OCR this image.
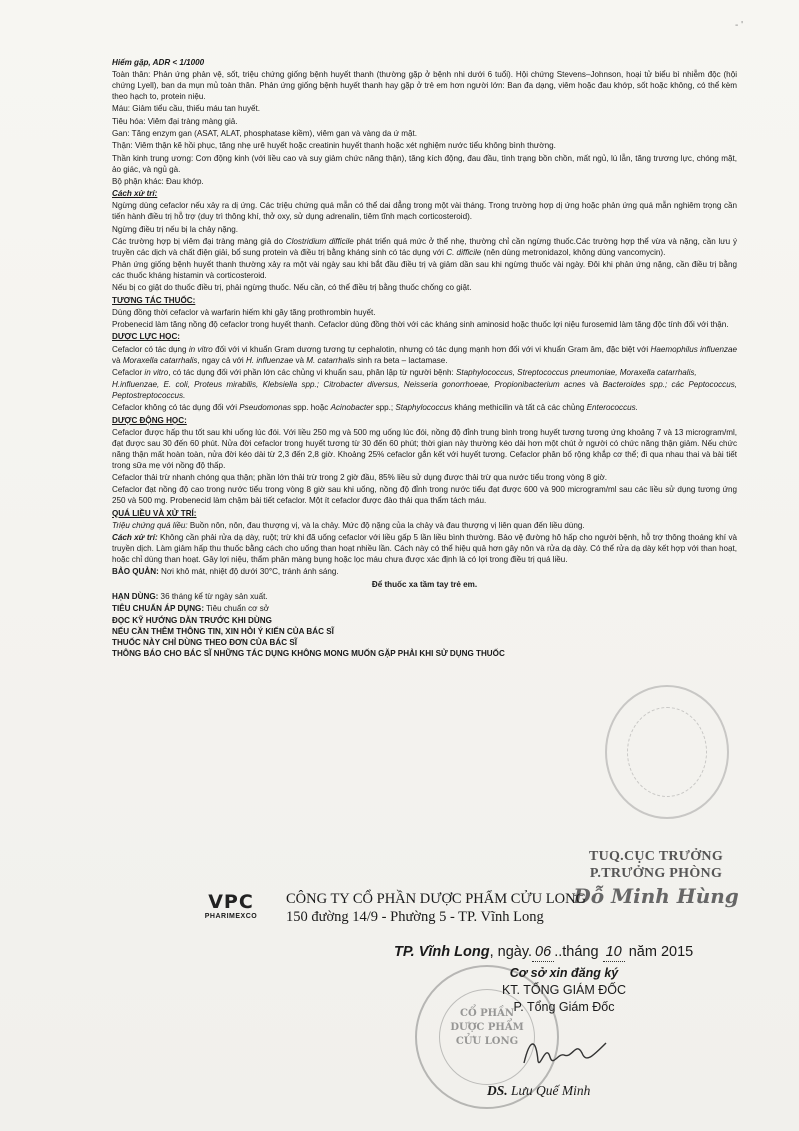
- '

Hiếm gặp, ADR < 1/1000

Toàn thân: Phản ứng phản vệ, sốt, triệu chứng giống bệnh huyết thanh (thường gặp ở bệnh nhi dưới 6 tuổi). Hội chứng Stevens–Johnson, hoại tử biểu bì nhiễm độc (hội chứng Lyell), ban da mụn mủ toàn thân. Phản ứng giống bệnh huyết thanh hay gặp ở trẻ em hơn người lớn: Ban đa dạng, viêm hoặc đau khớp, sốt hoặc không, có thể kèm theo hạch to, protein niệu.

Máu: Giảm tiểu cầu, thiếu máu tan huyết.

Tiêu hóa: Viêm đại tràng màng giả.

Gan: Tăng enzym gan (ASAT, ALAT, phosphatase kiềm), viêm gan và vàng da ứ mật.

Thận: Viêm thận kẽ hồi phục, tăng nhẹ urê huyết hoặc creatinin huyết thanh hoặc xét nghiệm nước tiểu không bình thường.

Thần kinh trung ương: Cơn động kinh (với liều cao và suy giảm chức năng thận), tăng kích động, đau đầu, tình trạng bồn chồn, mất ngủ, lú lẫn, tăng trương lực, chóng mặt, ảo giác, và ngủ gà.

Bộ phận khác: Đau khớp.

Cách xử trí:

Ngừng dùng cefaclor nếu xảy ra dị ứng. Các triệu chứng quá mẫn có thể dai dẳng trong một vài tháng. Trong trường hợp dị ứng hoặc phản ứng quá mẫn nghiêm trọng cần tiến hành điều trị hỗ trợ (duy trì thông khí, thở oxy, sử dụng adrenalin, tiêm tĩnh mạch corticosteroid).

Ngừng điều trị nếu bị la chảy nặng.

Các trường hợp bị viêm đại tràng màng giả do Clostridium difficile phát triển quá mức ở thể nhẹ, thường chỉ cần ngừng thuốc.Các trường hợp thể vừa và nặng, cần lưu ý truyền các dịch và chất điện giải, bổ sung protein và điều trị bằng kháng sinh có tác dụng với C. difficile (nên dùng metronidazol, không dùng vancomycin).

Phản ứng giống bệnh huyết thanh thường xảy ra một vài ngày sau khi bắt đầu điều trị và giảm dần sau khi ngừng thuốc vài ngày. Đôi khi phản ứng nặng, cần điều trị bằng các thuốc kháng histamin và corticosteroid.

Nếu bị co giật do thuốc điều trị, phải ngừng thuốc. Nếu cần, có thể điều trị bằng thuốc chống co giật.

TƯƠNG TÁC THUỐC:

Dùng đồng thời cefaclor và warfarin hiếm khi gây tăng prothrombin huyết.

Probenecid làm tăng nồng độ cefaclor trong huyết thanh. Cefaclor dùng đồng thời với các kháng sinh aminosid hoặc thuốc lợi niệu furosemid làm tăng độc tính đối với thận.

DƯỢC LỰC HỌC:

Cefaclor có tác dụng in vitro đối với vi khuẩn Gram dương tương tự cephalotin, nhưng có tác dụng mạnh hơn đối với vi khuẩn Gram âm, đặc biệt với Haemophilus influenzae và Moraxella catarrhalis, ngay cả với H. influenzae và M. catarrhalis sinh ra beta – lactamase.

Cefaclor in vitro, có tác dụng đối với phần lớn các chủng vi khuẩn sau, phân lập từ người bệnh: Staphylococcus, Streptococcus pneumoniae, Moraxella catarrhalis,

H.influenzae, E. coli, Proteus mirabilis, Klebsiella spp.; Citrobacter diversus, Neisseria gonorrhoeae, Propionibacterium acnes và Bacteroides spp.; các Peptococcus, Peptostreptococcus.

Cefaclor không có tác dụng đối với Pseudomonas spp. hoặc Acinobacter spp.; Staphylococcus kháng methicilin và tất cả các chủng Enterococcus.

DƯỢC ĐỘNG HỌC:

Cefaclor được hấp thu tốt sau khi uống lúc đói. Với liều 250 mg và 500 mg uống lúc đói, nồng độ đỉnh trung bình trong huyết tương tương ứng khoảng 7 và 13 microgram/ml, đạt được sau 30 đến 60 phút. Nửa đời cefaclor trong huyết tương từ 30 đến 60 phút; thời gian này thường kéo dài hơn một chút ở người có chức năng thận giảm. Nếu chức năng thận mất hoàn toàn, nửa đời kéo dài từ 2,3 đến 2,8 giờ. Khoảng 25% cefaclor gắn kết với huyết tương. Cefaclor phân bố rộng khắp cơ thể; đi qua nhau thai và bài tiết trong sữa mẹ với nồng độ thấp.

Cefaclor thải trừ nhanh chóng qua thận; phần lớn thải trừ trong 2 giờ đầu, 85% liều sử dụng được thải trừ qua nước tiểu trong vòng 8 giờ.

Cefaclor đạt nồng độ cao trong nước tiểu trong vòng 8 giờ sau khi uống, nồng độ đỉnh trong nước tiểu đạt được 600 và 900 microgram/ml sau các liều sử dụng tương ứng 250 và 500 mg. Probenecid làm chậm bài tiết cefaclor. Một ít cefaclor được đào thải qua thẩm tách máu.

QUÁ LIỀU VÀ XỬ TRÍ:

Triệu chứng quá liều: Buồn nôn, nôn, đau thượng vị, và la chảy. Mức độ nặng của la chảy và đau thượng vị liên quan đến liều dùng.

Cách xử trí: Không cần phải rửa dạ dày, ruột; trừ khi đã uống cefaclor với liều gấp 5 lần liều bình thường. Bảo vệ đường hô hấp cho người bệnh, hỗ trợ thông thoáng khí và truyền dịch. Làm giảm hấp thu thuốc bằng cách cho uống than hoạt nhiều lần. Cách này có thể hiệu quả hơn gây nôn và rửa dạ dày. Có thể rửa dạ dày kết hợp với than hoạt, hoặc chỉ dùng than hoạt. Gây lợi niệu, thẩm phân màng bụng hoặc lọc máu chưa được xác định là có lợi trong điều trị quá liều.

BẢO QUẢN: Nơi khô mát, nhiệt độ dưới 30°C, tránh ánh sáng.

Để thuốc xa tầm tay trẻ em.

HẠN DÙNG: 36 tháng kể từ ngày sản xuất.

TIÊU CHUẨN ÁP DỤNG: Tiêu chuẩn cơ sở

ĐỌC KỸ HƯỚNG DẪN TRƯỚC KHI DÙNG

NẾU CẦN THÊM THÔNG TIN, XIN HỎI Ý KIẾN CỦA BÁC SĨ

THUỐC NÀY CHỈ DÙNG THEO ĐƠN CỦA BÁC SĨ

THÔNG BÁO CHO BÁC SĨ NHỮNG TÁC DỤNG KHÔNG MONG MUỐN GẶP PHẢI KHI SỬ DỤNG THUỐC

TUQ.CỤC TRƯỞNG
P.TRƯỞNG PHÒNG
Đỗ Minh Hùng
VPC
PHARIMEXCO
CÔNG TY CỔ PHẦN DƯỢC PHẨM CỬU LONG
150 đường 14/9 - Phường 5 - TP. Vĩnh Long
CỔ PHẦN DƯỢC PHẨM CỬU LONG
TP. Vĩnh Long, ngày. 06 ..tháng 10 năm 2015
Cơ sở xin đăng ký
KT. TỔNG GIÁM ĐỐC
P. Tổng Giám Đốc
DS. Lưu Quế Minh
